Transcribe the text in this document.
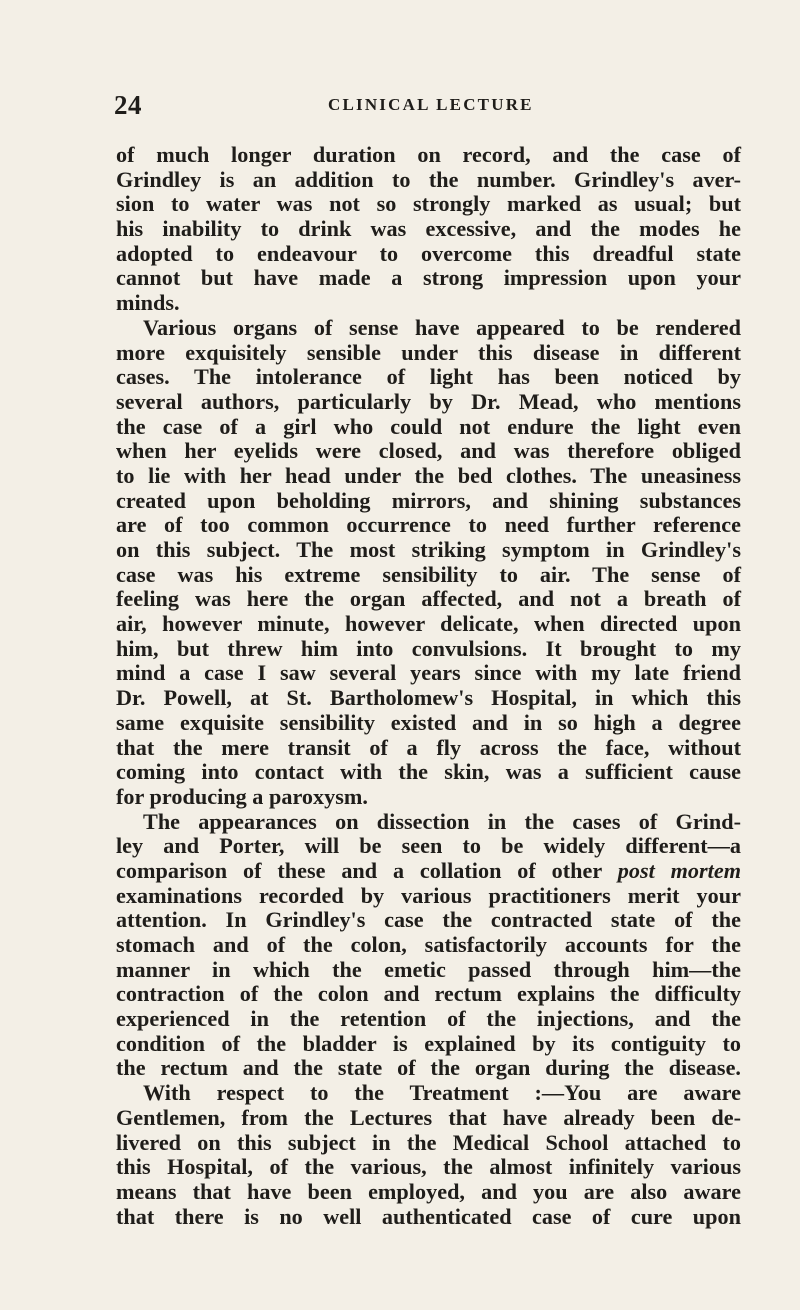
24	CLINICAL LECTURE
of much longer duration on record, and the case of
Grindley is an addition to the number. Grindley's aver-
sion to water was not so strongly marked as usual; but
his inability to drink was excessive, and the modes he
adopted to endeavour to overcome this dreadful state
cannot but have made a strong impression upon your
minds.
Various organs of sense have appeared to be rendered
more exquisitely sensible under this disease in different
cases. The intolerance of light has been noticed by
several authors, particularly by Dr. Mead, who mentions
the case of a girl who could not endure the light even
when her eyelids were closed, and was therefore obliged
to lie with her head under the bed clothes. The uneasiness
created upon beholding mirrors, and shining substances
are of too common occurrence to need further reference
on this subject. The most striking symptom in Grindley's
case was his extreme sensibility to air. The sense of
feeling was here the organ affected, and not a breath of
air, however minute, however delicate, when directed upon
him, but threw him into convulsions. It brought to my
mind a case I saw several years since with my late friend
Dr. Powell, at St. Bartholomew's Hospital, in which this
same exquisite sensibility existed and in so high a degree
that the mere transit of a fly across the face, without
coming into contact with the skin, was a sufficient cause
for producing a paroxysm.
The appearances on dissection in the cases of Grind-
ley and Porter, will be seen to be widely different—a
comparison of these and a collation of other post mortem
examinations recorded by various practitioners merit your
attention. In Grindley's case the contracted state of the
stomach and of the colon, satisfactorily accounts for the
manner in which the emetic passed through him—the
contraction of the colon and rectum explains the difficulty
experienced in the retention of the injections, and the
condition of the bladder is explained by its contiguity to
the rectum and the state of the organ during the disease.
With respect to the Treatment :—You are aware
Gentlemen, from the Lectures that have already been de-
livered on this subject in the Medical School attached to
this Hospital, of the various, the almost infinitely various
means that have been employed, and you are also aware
that there is no well authenticated case of cure upon
